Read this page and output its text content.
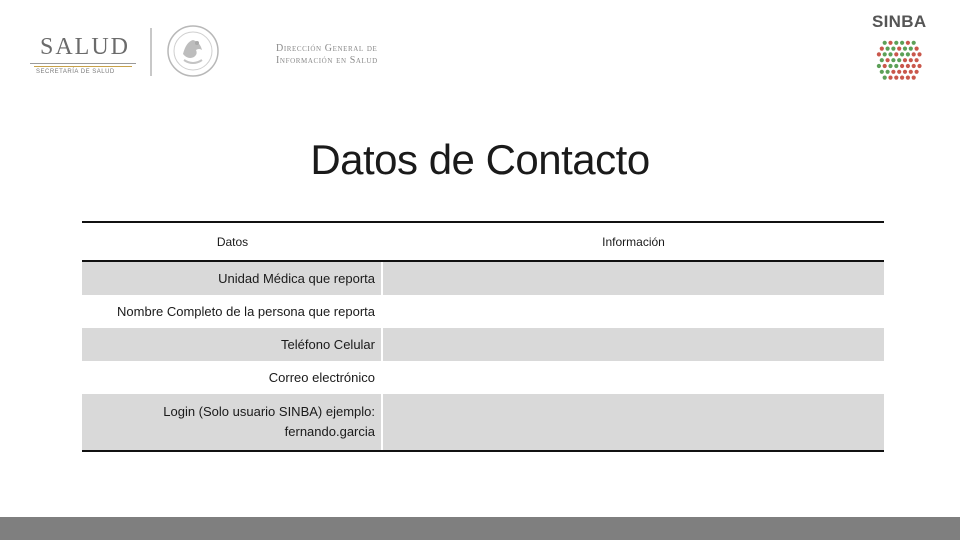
SALUD
SECRETARÍA DE SALUD
Dirección General de
Información en Salud
SINBA
Datos de Contacto
Datos	Información
Unidad Médica que reporta
Nombre Completo de la persona que reporta
Teléfono Celular
Correo electrónico
Login (Solo usuario SINBA) ejemplo:
fernando.garcia
